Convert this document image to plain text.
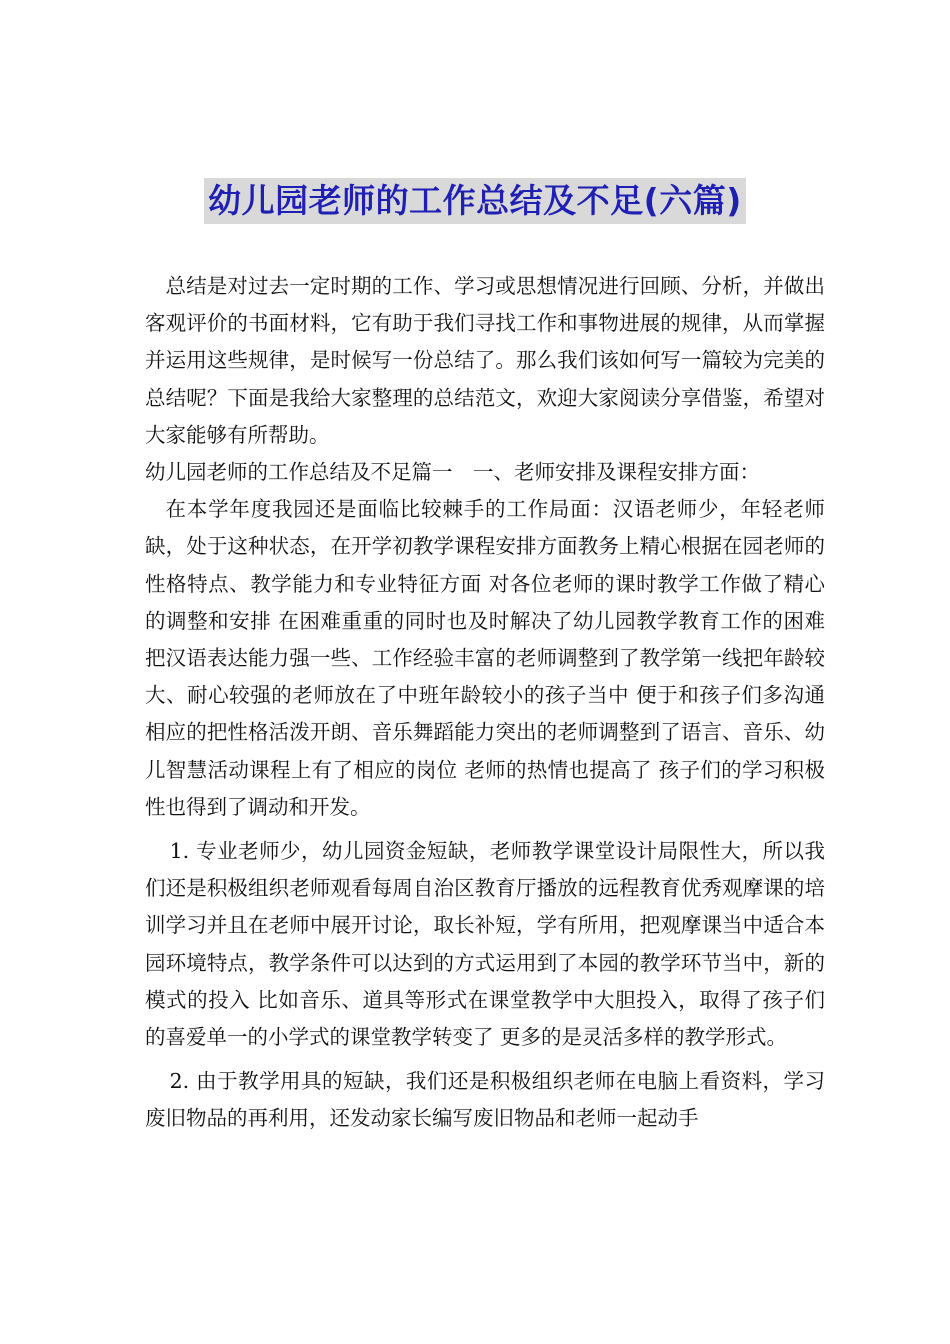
幼儿园老师的工作总结及不足(六篇)

总结是对过去一定时期的工作、学习或思想情况进行回顾、分析，并做出客观评价的书面材料，它有助于我们寻找工作和事物进展的规律，从而掌握并运用这些规律，是时候写一份总结了。那么我们该如何写一篇较为完美的总结呢？下面是我给大家整理的总结范文，欢迎大家阅读分享借鉴，希望对大家能够有所帮助。

幼儿园老师的工作总结及不足篇一　一、老师安排及课程安排方面：

在本学年度我园还是面临比较棘手的工作局面：汉语老师少，年轻老师缺，处于这种状态，在开学初教学课程安排方面教务上精心根据在园老师的性格特点、教学能力和专业特征方面 对各位老师的课时教学工作做了精心的调整和安排 在困难重重的同时也及时解决了幼儿园教学教育工作的困难 把汉语表达能力强一些、工作经验丰富的老师调整到了教学第一线把年龄较大、耐心较强的老师放在了中班年龄较小的孩子当中 便于和孩子们多沟通 相应的把性格活泼开朗、音乐舞蹈能力突出的老师调整到了语言、音乐、幼儿智慧活动课程上有了相应的岗位 老师的热情也提高了 孩子们的学习积极性也得到了调动和开发。

1. 专业老师少，幼儿园资金短缺，老师教学课堂设计局限性大，所以我们还是积极组织老师观看每周自治区教育厅播放的远程教育优秀观摩课的培训学习并且在老师中展开讨论，取长补短，学有所用，把观摩课当中适合本园环境特点，教学条件可以达到的方式运用到了本园的教学环节当中，新的模式的投入 比如音乐、道具等形式在课堂教学中大胆投入，取得了孩子们的喜爱单一的小学式的课堂教学转变了 更多的是灵活多样的教学形式。

2. 由于教学用具的短缺，我们还是积极组织老师在电脑上看资料，学习废旧物品的再利用，还发动家长编写废旧物品和老师一起动手
